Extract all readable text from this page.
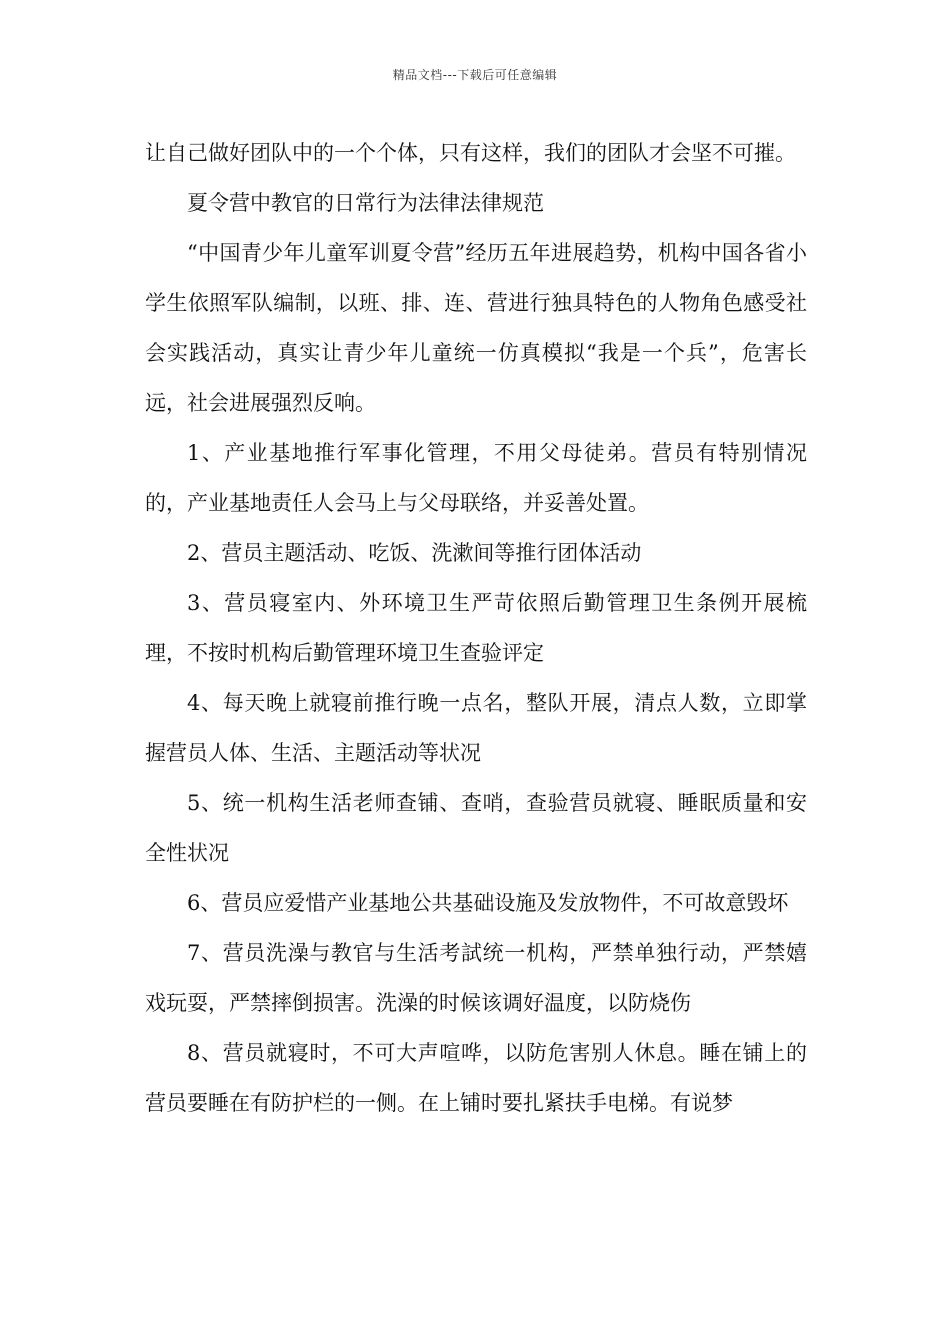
精品文档---下载后可任意编辑

让自己做好团队中的一个个体，只有这样，我们的团队才会坚不可摧。

夏令营中教官的日常行为法律法律规范

“中国青少年儿童军训夏令营”经历五年进展趋势，机构中国各省小学生依照军队编制，以班、排、连、营进行独具特色的人物角色感受社会实践活动，真实让青少年儿童统一仿真模拟“我是一个兵”，危害长远，社会进展强烈反响。

1、产业基地推行军事化管理，不用父母徒弟。营员有特别情况的，产业基地责任人会马上与父母联络，并妥善处置。

2、营员主题活动、吃饭、洗漱间等推行团体活动

3、营员寝室内、外环境卫生严苛依照后勤管理卫生条例开展梳理，不按时机构后勤管理环境卫生查验评定

4、每天晚上就寝前推行晚一点名，整队开展，清点人数，立即掌握营员人体、生活、主题活动等状况

5、统一机构生活老师查铺、查哨，查验营员就寝、睡眠质量和安全性状况

6、营员应爱惜产业基地公共基础设施及发放物件，不可故意毁坏

7、营员洗澡与教官与生活考試统一机构，严禁单独行动，严禁嬉戏玩耍，严禁摔倒损害。洗澡的时候该调好温度，以防烧伤

8、营员就寝时，不可大声喧哗，以防危害别人休息。睡在铺上的营员要睡在有防护栏的一侧。在上铺时要扎紧扶手电梯。有说梦
